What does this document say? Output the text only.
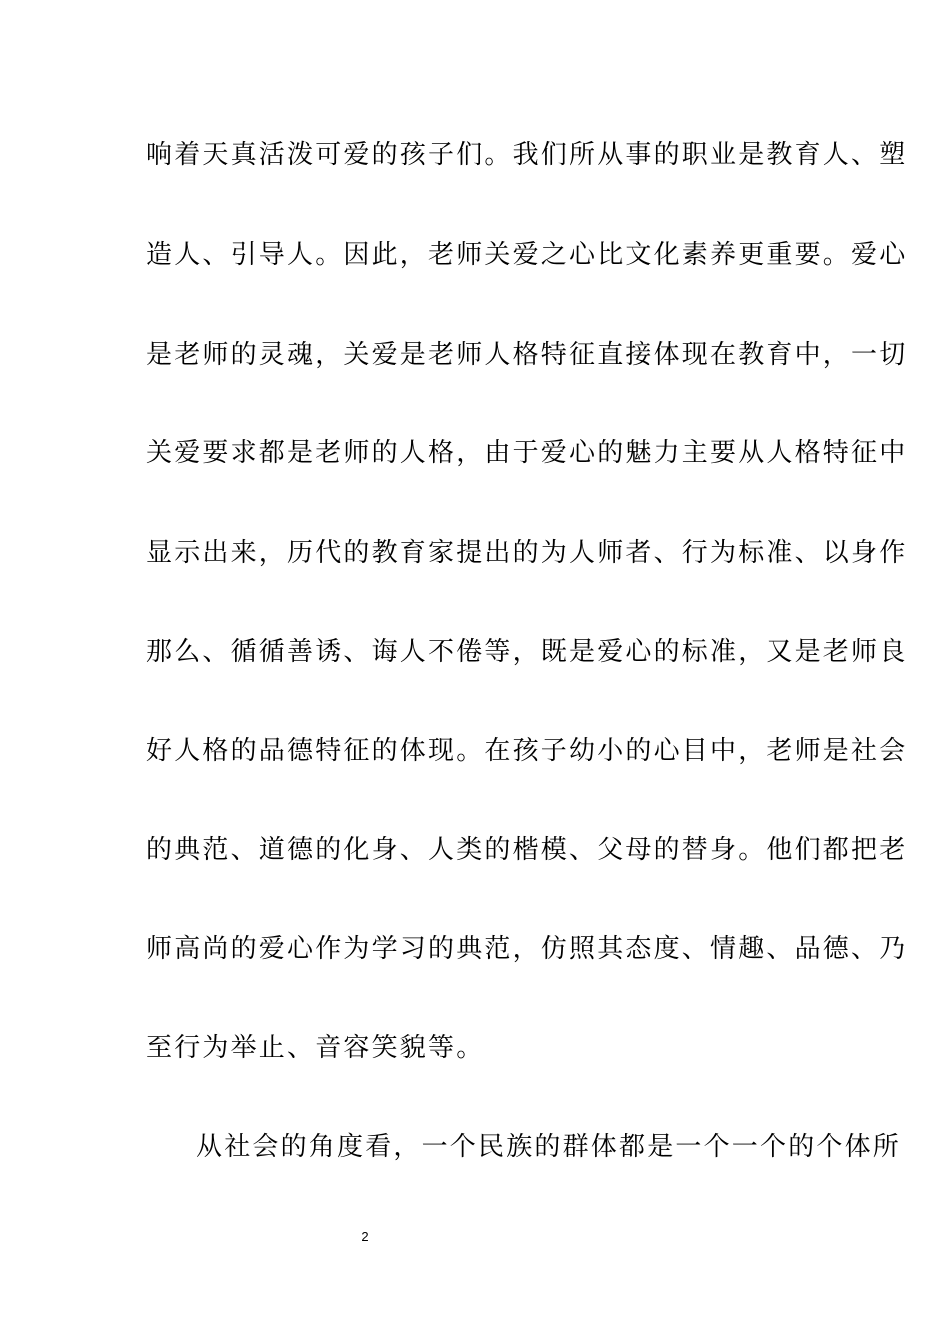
响着天真活泼可爱的孩子们。我们所从事的职业是教育人、塑
造人、引导人。因此，老师关爱之心比文化素养更重要。爱心
是老师的灵魂，关爱是老师人格特征直接体现在教育中，一切
关爱要求都是老师的人格，由于爱心的魅力主要从人格特征中
显示出来，历代的教育家提出的为人师者、行为标准、以身作
那么、循循善诱、诲人不倦等，既是爱心的标准，又是老师良
好人格的品德特征的体现。在孩子幼小的心目中，老师是社会
的典范、道德的化身、人类的楷模、父母的替身。他们都把老
师高尚的爱心作为学习的典范，仿照其态度、情趣、品德、乃
至行为举止、音容笑貌等。
从社会的角度看，一个民族的群体都是一个一个的个体所
2
